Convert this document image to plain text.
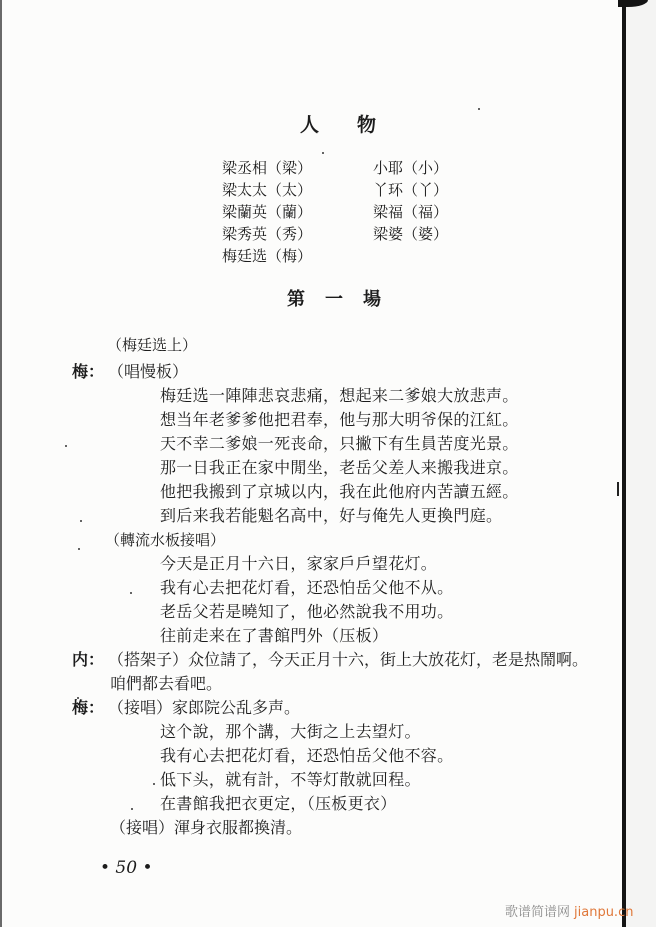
人物
梁丞相（梁）
梁太太（太）
梁蘭英（蘭）
梁秀英（秀）
梅廷选（梅）
小耶（小）
丫环（丫）
梁福（福）
梁婆（婆）
第一場
（梅廷选上）
梅： （唱慢板）
梅廷选一陣陣悲哀悲痛，想起来二爹娘大放悲声。
想当年老爹爹他把君奉，他与那大明爷保的江紅。
天不幸二爹娘一死丧命，只撇下有生員苦度光景。
那一日我正在家中閒坐，老岳父差人来搬我进京。
他把我搬到了京城以内，我在此他府内苦讀五經。
到后来我若能魁名高中，好与俺先人更換門庭。
（轉流水板接唱）
今天是正月十六日，家家戶戶望花灯。
我有心去把花灯看，还恐怕岳父他不从。
老岳父若是曉知了，他必然說我不用功。
往前走来在了書館門外（压板）
内： （搭架子）众位請了，今天正月十六，街上大放花灯，老是热鬧啊。
咱們都去看吧。
梅： （接唱）家郎院公乱多声。
这个說，那个講，大街之上去望灯。
我有心去把花灯看，还恐怕岳父他不容。
低下头，就有計，不等灯散就回程。
在書館我把衣更定，（压板更衣）
（接唱）渾身衣服都換清。
• 50 •
歌谱简谱网 jianpu.cn
